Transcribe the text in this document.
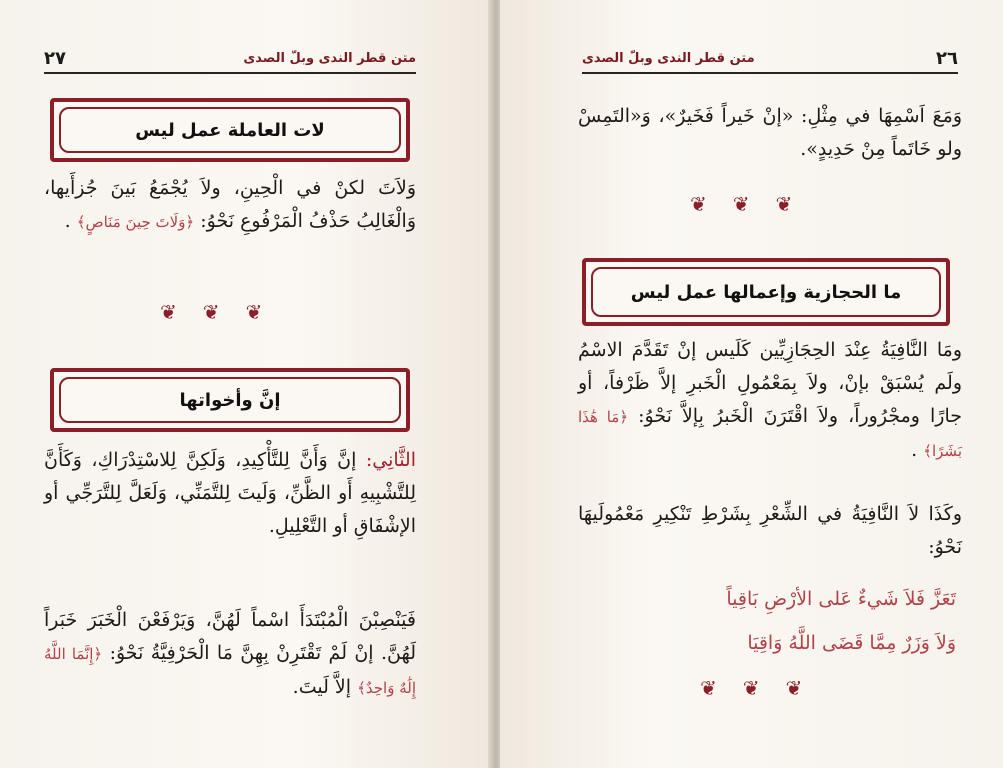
متن قطر الندى وبلّ الصدى
٢٧
لات العاملة عمل ليس
وَلاَتَ لكنْ في الْحِينِ، ولاَ يُجْمَعُ بَينَ جُزأَيها، وَالْغَالِبُ حَذْفُ الْمَرْفُوعِ نَحْوُ: ﴿وَلَاتَ حِينَ مَنَاصٍ﴾ .
❦
❦
❦
إنَّ وأخواتها
الثَّانِي: إنَّ وَأَنَّ لِلتَّأْكِيدِ، وَلَكِنَّ لِلاسْتِدْرَاكِ، وَكَأَنَّ لِلتَّشْبِيهِ أَو الظَّنِّ، وَلَيتَ لِلتَّمَنِّي، وَلَعَلَّ لِلتَّرَجِّي أو الإشْفَاقِ أو التَّعْلِيلِ.
فَيَنْصِبْنَ الْمُبْتَدَأَ اسْماً لَهُنَّ، وَيَرْفَعْنَ الْخَبَرَ خَبَراً لَهُنَّ. إنْ لَمْ تَقْتَرِنْ بِهِنَّ مَا الْحَرْفِيَّةُ نَحْوُ: ﴿إِنَّمَا اللَّهُ إِلَٰهٌ وَاحِدٌ﴾ إلاَّ لَيتَ.
٢٦
متن قطر الندى وبلّ الصدى
وَمَعَ اَسْمِهَا في مِثْلِ: «إنْ خَيراً فَخَيرٌ»، وَ«التَمِسْ ولو خَاتَماً مِنْ حَدِيدٍ».
❦
❦
❦
ما الحجازية وإعمالها عمل ليس
ومَا النَّافِيَةُ عِنْدَ الحِجَازِيِّين كَلَيس إنْ تَقَدَّمَ الاسْمُ ولَم يُسْبَقْ بإنْ، ولاَ بِمَعْمُولِ الْخَبرِ إلاَّ ظَرْفاً، أو جارًا ومجْرُوراً، ولاَ اقْتَرَنَ الْخَبرُ بِإلاَّ نَحْوُ: ﴿مَا هَٰذَا بَشَرًا﴾ .
وكَذَا لاَ النَّافِيَةُ في الشِّعْرِ بِشَرْطِ تَنْكِيرِ مَعْمُولَيهَا نَحْوُ:
تَعَزَّ فَلاَ شَيءٌ عَلى الأرْضِ بَاقِياً
وَلاَ وَزَرٌ مِمَّا قَضَى اللَّهُ وَاقِيَا
❦
❦
❦
